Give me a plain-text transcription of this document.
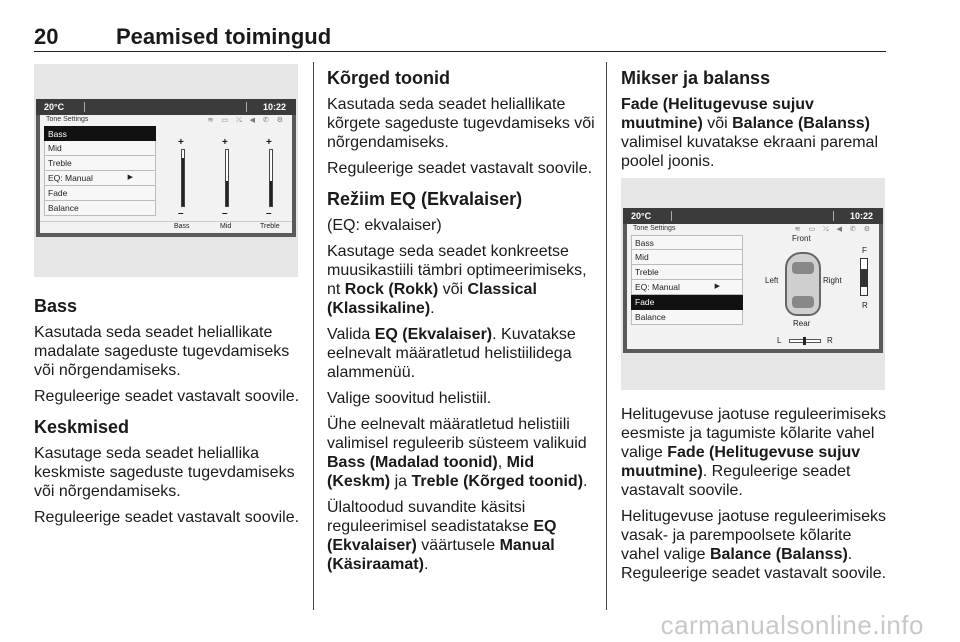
20	Peamised toimingud
20°C	10:22
Tone Settings	≋ ▭ ⤯ ◀ ✆ ⚙
Bass
Mid
Treble
EQ: Manual	▶
Fade
Balance
+
–
+
–
+
–
Bass	Mid	Treble
Bass

Kasutada seda seadet heliallikate madalate sageduste tugevdamiseks või nõrgendamiseks.

Reguleerige seadet vastavalt soovile.

Keskmised

Kasutage seda seadet heliallika keskmiste sageduste tugevdamiseks või nõrgendamiseks.

Reguleerige seadet vastavalt soovile.

Kõrged toonid

Kasutada seda seadet heliallikate kõrgete sageduste tugevdamiseks või nõrgendamiseks.

Reguleerige seadet vastavalt soovile.

Režiim EQ (Ekvalaiser)

(EQ: ekvalaiser)

Kasutage seda seadet konkreetse muusikastiili tämbri optimeerimiseks, nt Rock (Rokk) või Classical (Klassikaline).

Valida EQ (Ekvalaiser). Kuvatakse eelnevalt määratletud helistiilidega alammenüü.

Valige soovitud helistiil.

Ühe eelnevalt määratletud helistiili valimisel reguleerib süsteem valikuid Bass (Madalad toonid), Mid (Keskm) ja Treble (Kõrged toonid).

Ülaltoodud suvandite käsitsi reguleerimisel seadistatakse EQ (Ekvalaiser) väärtusele Manual (Käsiraamat).

Mikser ja balanss

Fade (Helitugevuse sujuv muutmine) või Balance (Balanss) valimisel kuvatakse ekraani paremal poolel joonis.

20°C	10:22
Tone Settings	≋ ▭ ⤯ ◀ ✆ ⚙
Bass
Mid
Treble
EQ: Manual	▶
Fade
Balance
Front
Left	Right
Rear
F
R
L	R

Helitugevuse jaotuse reguleerimiseks eesmiste ja tagumiste kõlarite vahel valige Fade (Helitugevuse sujuv muutmine). Reguleerige seadet vastavalt soovile.

Helitugevuse jaotuse reguleerimiseks vasak- ja parempoolsete kõlarite vahel valige Balance (Balanss). Reguleerige seadet vastavalt soovile.

carmanualsonline.info
